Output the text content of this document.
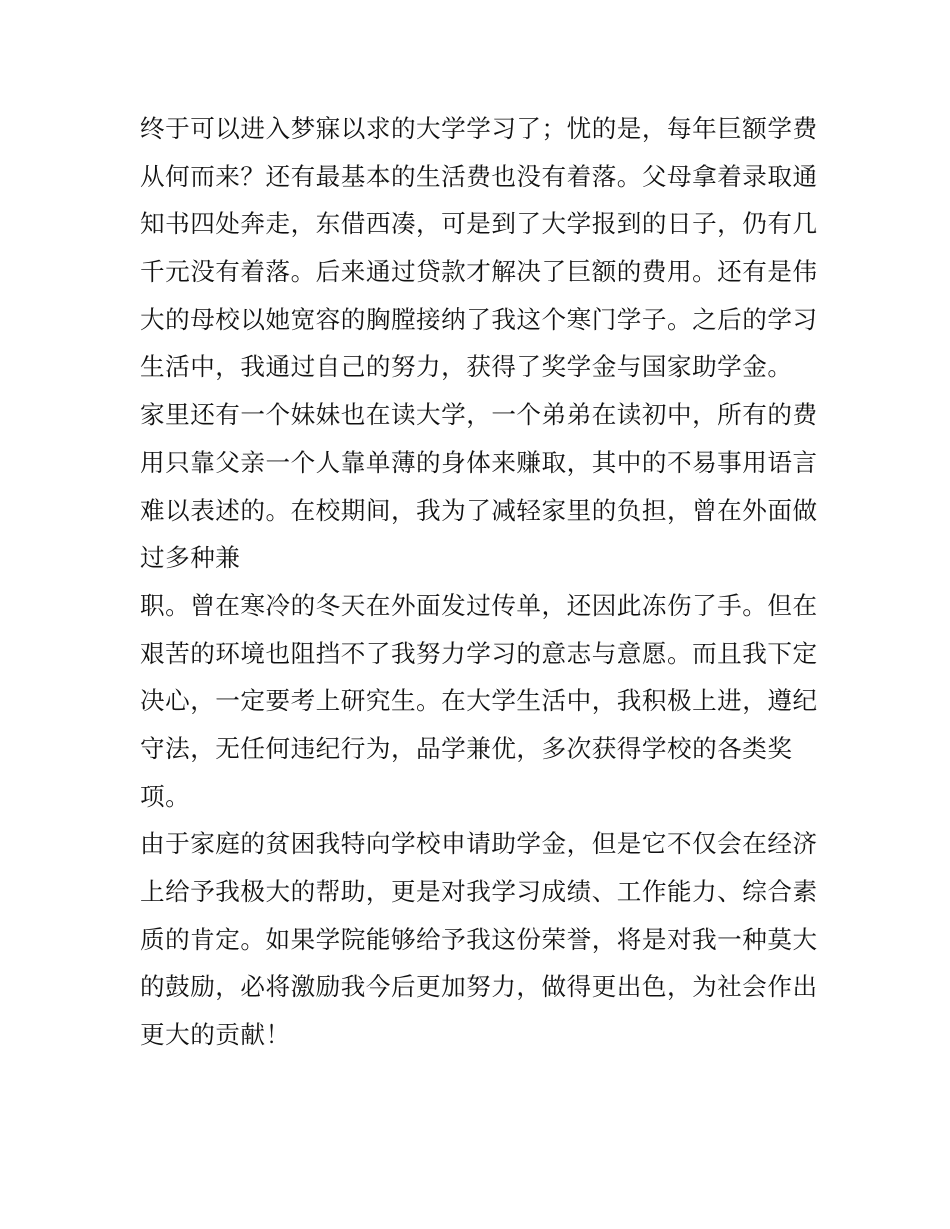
终于可以进入梦寐以求的大学学习了；忧的是，每年巨额学费
从何而来？还有最基本的生活费也没有着落。父母拿着录取通
知书四处奔走，东借西凑，可是到了大学报到的日子，仍有几
千元没有着落。后来通过贷款才解决了巨额的费用。还有是伟
大的母校以她宽容的胸膛接纳了我这个寒门学子。之后的学习
生活中，我通过自己的努力，获得了奖学金与国家助学金。
家里还有一个妹妹也在读大学，一个弟弟在读初中，所有的费
用只靠父亲一个人靠单薄的身体来赚取，其中的不易事用语言
难以表述的。在校期间，我为了减轻家里的负担，曾在外面做
过多种兼
职。曾在寒冷的冬天在外面发过传单，还因此冻伤了手。但在
艰苦的环境也阻挡不了我努力学习的意志与意愿。而且我下定
决心，一定要考上研究生。在大学生活中，我积极上进，遵纪
守法，无任何违纪行为，品学兼优，多次获得学校的各类奖
项。
由于家庭的贫困我特向学校申请助学金，但是它不仅会在经济
上给予我极大的帮助，更是对我学习成绩、工作能力、综合素
质的肯定。如果学院能够给予我这份荣誉，将是对我一种莫大
的鼓励，必将激励我今后更加努力，做得更出色，为社会作出
更大的贡献！
